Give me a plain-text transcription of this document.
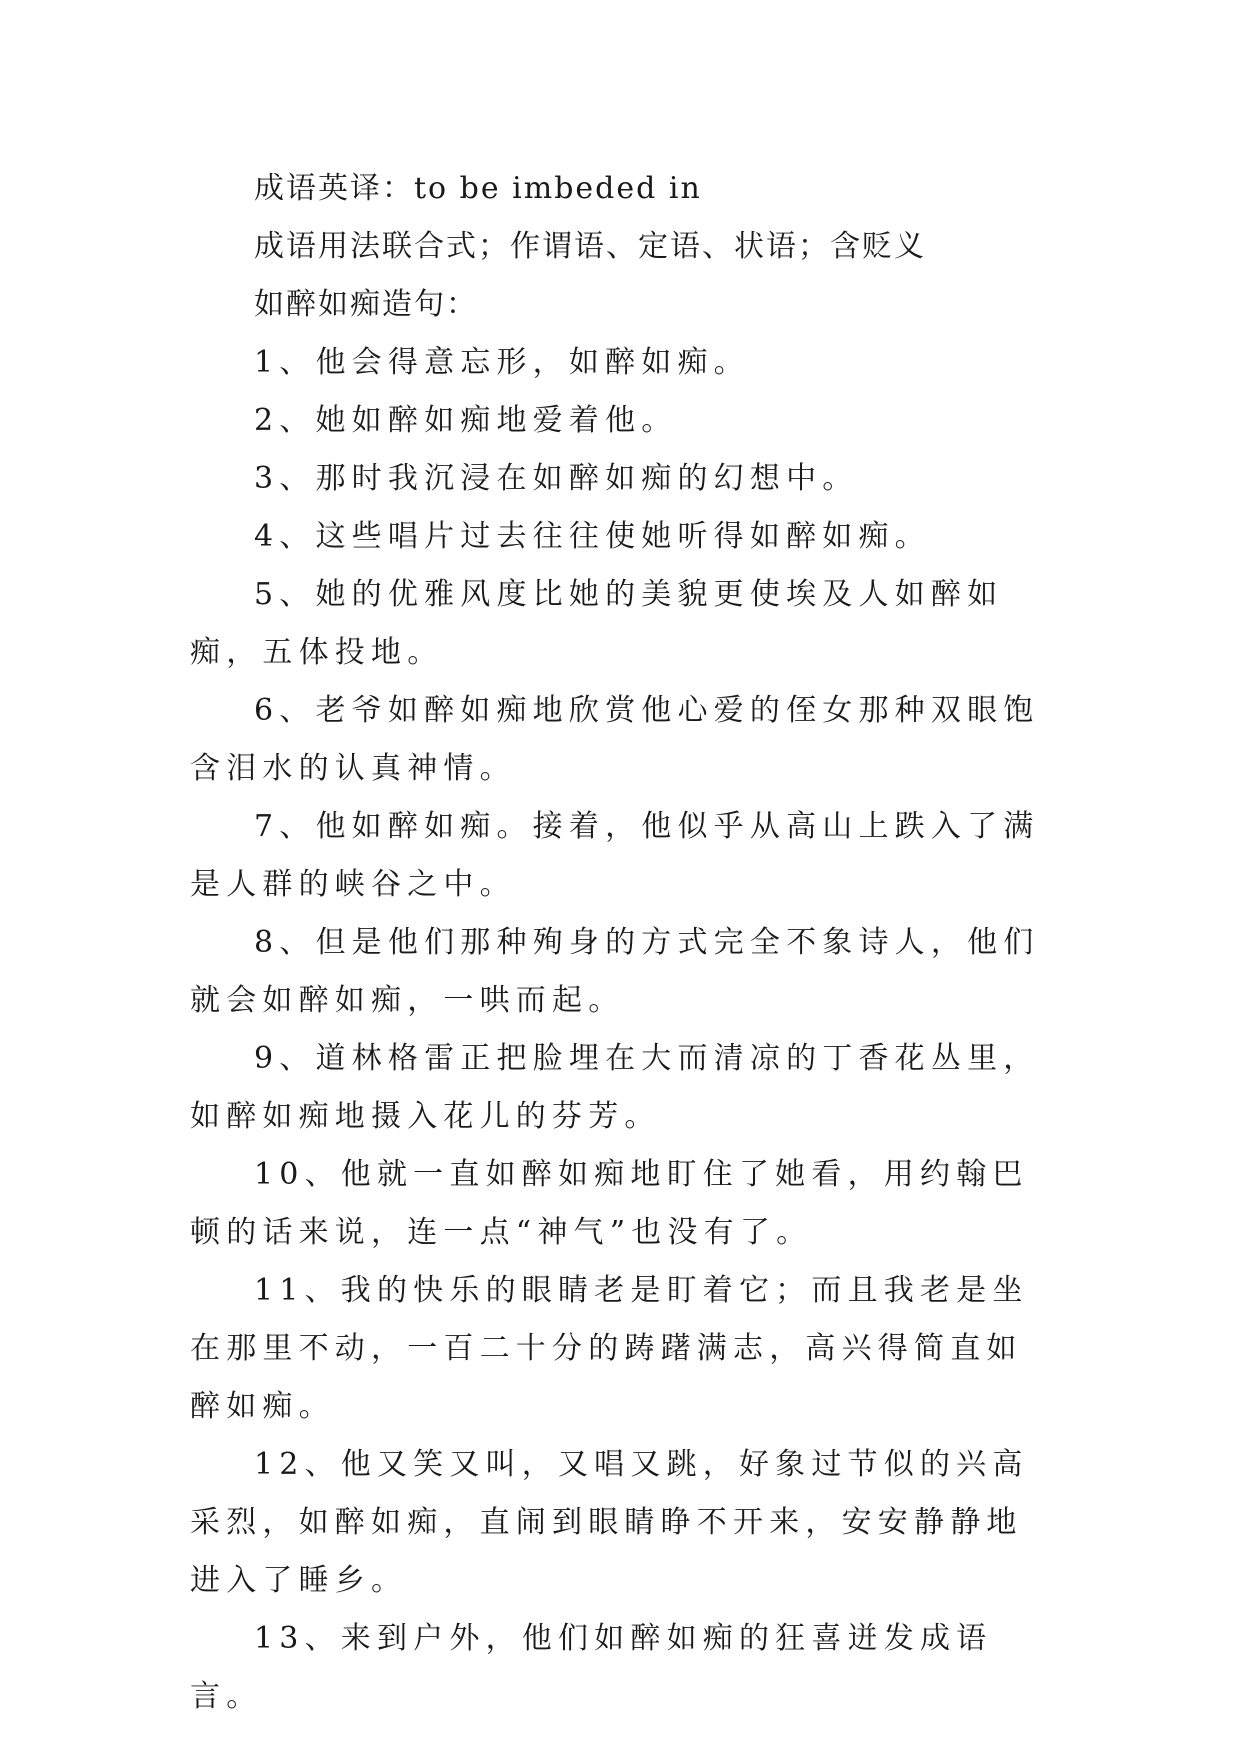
成语英译：to be imbeded in
成语用法联合式；作谓语、定语、状语；含贬义
如醉如痴造句：
1、他会得意忘形，如醉如痴。
2、她如醉如痴地爱着他。
3、那时我沉浸在如醉如痴的幻想中。
4、这些唱片过去往往使她听得如醉如痴。
5、她的优雅风度比她的美貌更使埃及人如醉如痴，五体投地。
6、老爷如醉如痴地欣赏他心爱的侄女那种双眼饱含泪水的认真神情。
7、他如醉如痴。接着，他似乎从高山上跌入了满是人群的峡谷之中。
8、但是他们那种殉身的方式完全不象诗人，他们就会如醉如痴，一哄而起。
9、道林格雷正把脸埋在大而清凉的丁香花丛里，如醉如痴地摄入花儿的芬芳。
10、他就一直如醉如痴地盯住了她看，用约翰巴顿的话来说，连一点“神气”也没有了。
11、我的快乐的眼睛老是盯着它；而且我老是坐在那里不动，一百二十分的踌躇满志，高兴得简直如醉如痴。
12、他又笑又叫，又唱又跳，好象过节似的兴高采烈，如醉如痴，直闹到眼睛睁不开来，安安静静地进入了睡乡。
13、来到户外，他们如醉如痴的狂喜迸发成语言。
